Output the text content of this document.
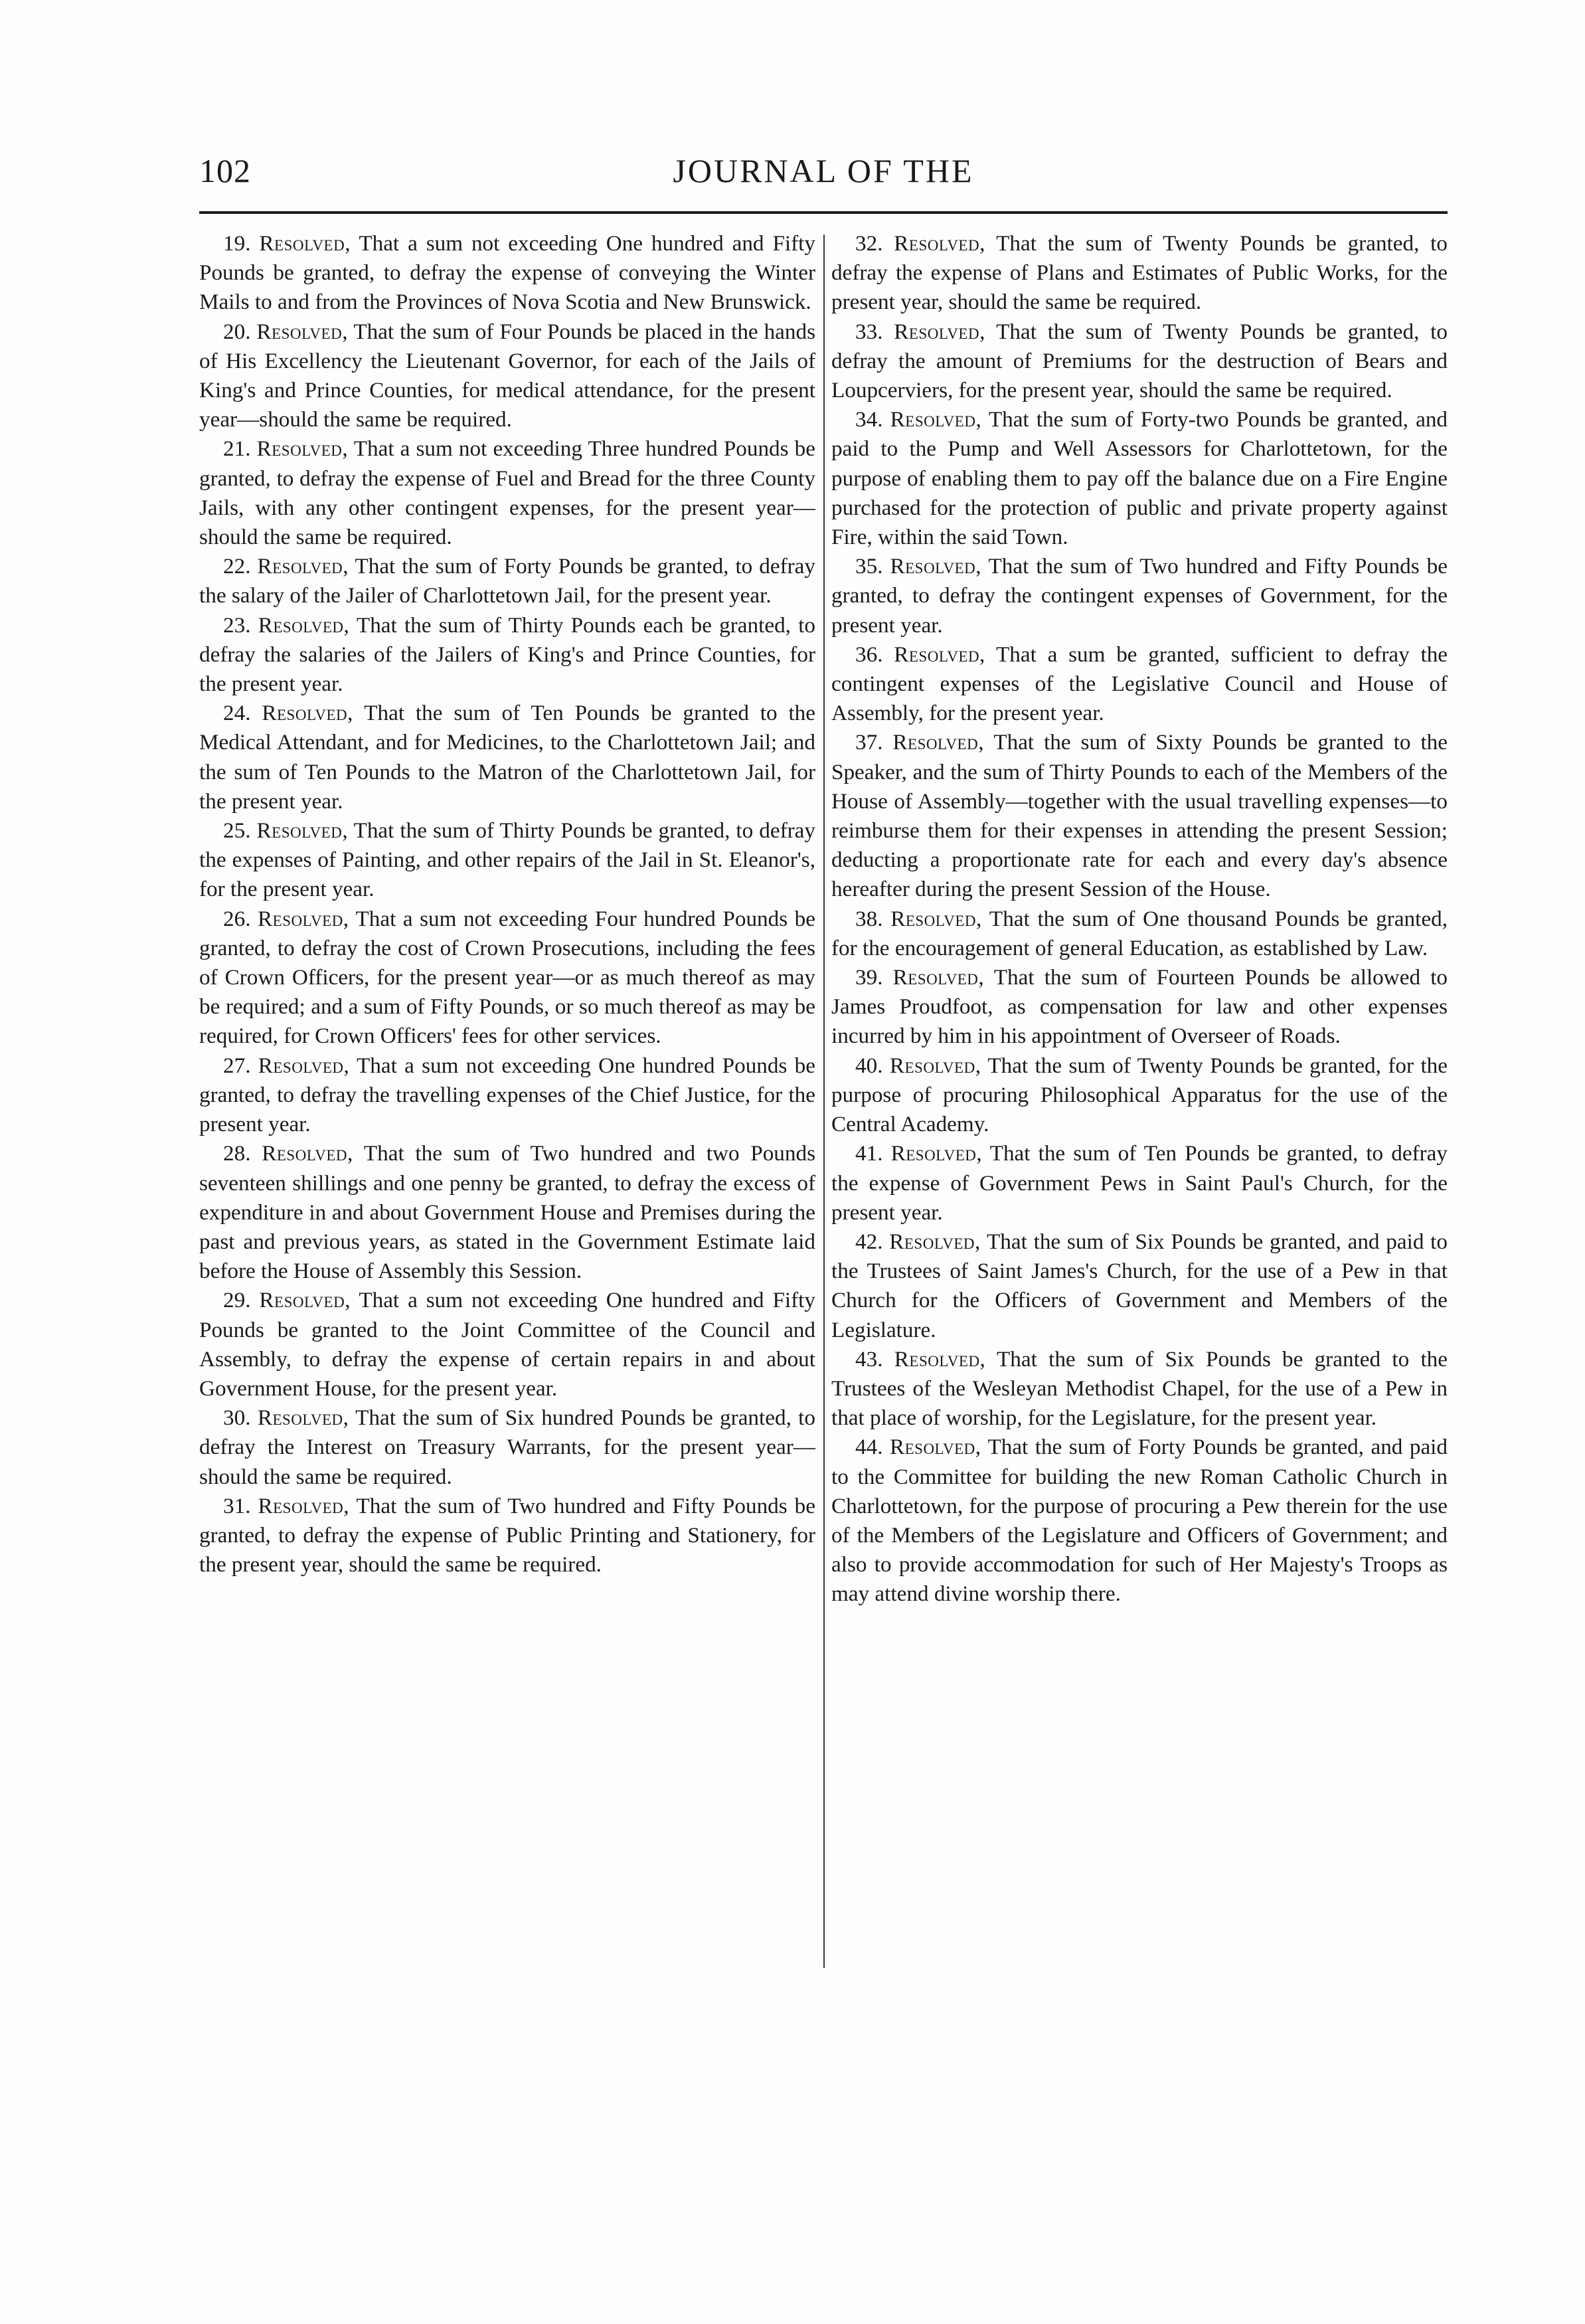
102	JOURNAL OF THE

19. Resolved, That a sum not exceeding One hundred and Fifty Pounds be granted, to defray the expense of conveying the Winter Mails to and from the Provinces of Nova Scotia and New Brunswick.

20. Resolved, That the sum of Four Pounds be placed in the hands of His Excellency the Lieutenant Governor, for each of the Jails of King's and Prince Counties, for medical attendance, for the present year—should the same be required.

21. Resolved, That a sum not exceeding Three hundred Pounds be granted, to defray the expense of Fuel and Bread for the three County Jails, with any other contingent expenses, for the present year—should the same be required.

22. Resolved, That the sum of Forty Pounds be granted, to defray the salary of the Jailer of Charlottetown Jail, for the present year.

23. Resolved, That the sum of Thirty Pounds each be granted, to defray the salaries of the Jailers of King's and Prince Counties, for the present year.

24. Resolved, That the sum of Ten Pounds be granted to the Medical Attendant, and for Medicines, to the Charlottetown Jail; and the sum of Ten Pounds to the Matron of the Charlottetown Jail, for the present year.

25. Resolved, That the sum of Thirty Pounds be granted, to defray the expenses of Painting, and other repairs of the Jail in St. Eleanor's, for the present year.

26. Resolved, That a sum not exceeding Four hundred Pounds be granted, to defray the cost of Crown Prosecutions, including the fees of Crown Officers, for the present year—or as much thereof as may be required; and a sum of Fifty Pounds, or so much thereof as may be required, for Crown Officers' fees for other services.

27. Resolved, That a sum not exceeding One hundred Pounds be granted, to defray the travelling expenses of the Chief Justice, for the present year.

28. Resolved, That the sum of Two hundred and two Pounds seventeen shillings and one penny be granted, to defray the excess of expenditure in and about Government House and Premises during the past and previous years, as stated in the Government Estimate laid before the House of Assembly this Session.

29. Resolved, That a sum not exceeding One hundred and Fifty Pounds be granted to the Joint Committee of the Council and Assembly, to defray the expense of certain repairs in and about Government House, for the present year.

30. Resolved, That the sum of Six hundred Pounds be granted, to defray the Interest on Treasury Warrants, for the present year—should the same be required.

31. Resolved, That the sum of Two hundred and Fifty Pounds be granted, to defray the expense of Public Printing and Stationery, for the present year, should the same be required.

32. Resolved, That the sum of Twenty Pounds be granted, to defray the expense of Plans and Estimates of Public Works, for the present year, should the same be required.

33. Resolved, That the sum of Twenty Pounds be granted, to defray the amount of Premiums for the destruction of Bears and Loupcerviers, for the present year, should the same be required.

34. Resolved, That the sum of Forty-two Pounds be granted, and paid to the Pump and Well Assessors for Charlottetown, for the purpose of enabling them to pay off the balance due on a Fire Engine purchased for the protection of public and private property against Fire, within the said Town.

35. Resolved, That the sum of Two hundred and Fifty Pounds be granted, to defray the contingent expenses of Government, for the present year.

36. Resolved, That a sum be granted, sufficient to defray the contingent expenses of the Legislative Council and House of Assembly, for the present year.

37. Resolved, That the sum of Sixty Pounds be granted to the Speaker, and the sum of Thirty Pounds to each of the Members of the House of Assembly—together with the usual travelling expenses—to reimburse them for their expenses in attending the present Session; deducting a proportionate rate for each and every day's absence hereafter during the present Session of the House.

38. Resolved, That the sum of One thousand Pounds be granted, for the encouragement of general Education, as established by Law.

39. Resolved, That the sum of Fourteen Pounds be allowed to James Proudfoot, as compensation for law and other expenses incurred by him in his appointment of Overseer of Roads.

40. Resolved, That the sum of Twenty Pounds be granted, for the purpose of procuring Philosophical Apparatus for the use of the Central Academy.

41. Resolved, That the sum of Ten Pounds be granted, to defray the expense of Government Pews in Saint Paul's Church, for the present year.

42. Resolved, That the sum of Six Pounds be granted, and paid to the Trustees of Saint James's Church, for the use of a Pew in that Church for the Officers of Government and Members of the Legislature.

43. Resolved, That the sum of Six Pounds be granted to the Trustees of the Wesleyan Methodist Chapel, for the use of a Pew in that place of worship, for the Legislature, for the present year.

44. Resolved, That the sum of Forty Pounds be granted, and paid to the Committee for building the new Roman Catholic Church in Charlottetown, for the purpose of procuring a Pew therein for the use of the Members of the Legislature and Officers of Government; and also to provide accommodation for such of Her Majesty's Troops as may attend divine worship there.
